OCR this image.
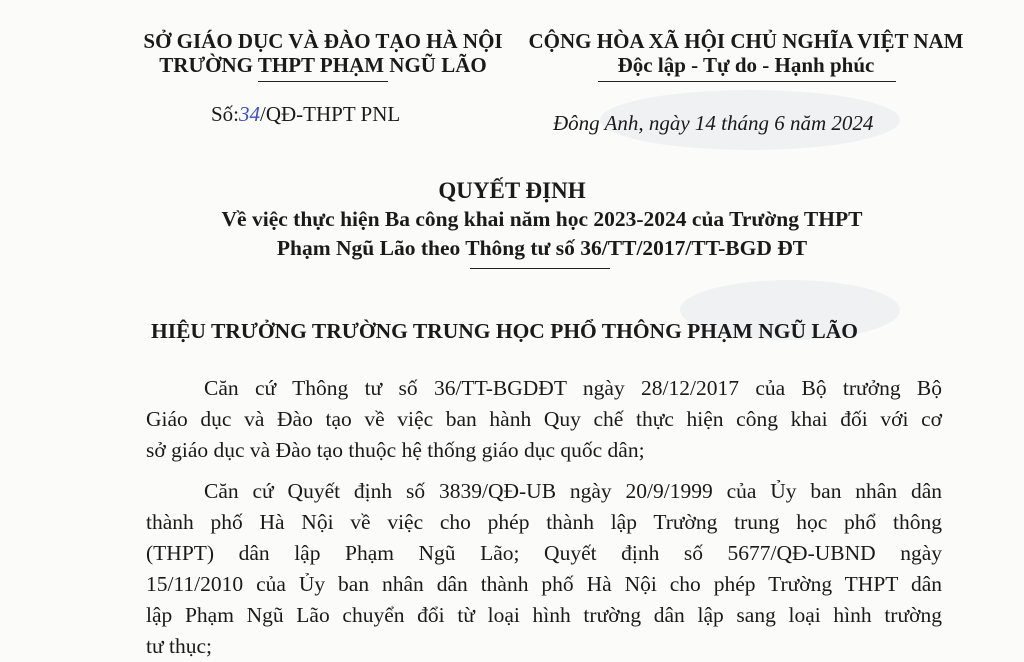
SỞ GIÁO DỤC VÀ ĐÀO TẠO HÀ NỘI
TRƯỜNG THPT PHẠM NGŨ LÃO
CỘNG HÒA XÃ HỘI CHỦ NGHĨA VIỆT NAM
Độc lập - Tự do - Hạnh phúc
Số:34/QĐ-THPT PNL	Đông Anh, ngày 14 tháng 6 năm 2024
QUYẾT ĐỊNH
Về việc thực hiện Ba công khai năm học 2023-2024 của Trường THPT
Phạm Ngũ Lão theo Thông tư số 36/TT/2017/TT-BGD ĐT
HIỆU TRƯỞNG TRƯỜNG TRUNG HỌC PHỔ THÔNG PHẠM NGŨ LÃO
Căn cứ Thông tư số 36/TT-BGDĐT ngày 28/12/2017 của Bộ trưởng Bộ
Giáo dục và Đào tạo về việc ban hành Quy chế thực hiện công khai đối với cơ
sở giáo dục và Đào tạo thuộc hệ thống giáo dục quốc dân;
Căn cứ Quyết định số 3839/QĐ-UB ngày 20/9/1999 của Ủy ban nhân dân
thành phố Hà Nội về việc cho phép thành lập Trường trung học phổ thông
(THPT) dân lập Phạm Ngũ Lão; Quyết định số 5677/QĐ-UBND ngày
15/11/2010 của Ủy ban nhân dân thành phố Hà Nội cho phép Trường THPT dân
lập Phạm Ngũ Lão chuyển đổi từ loại hình trường dân lập sang loại hình trường
tư thục;
